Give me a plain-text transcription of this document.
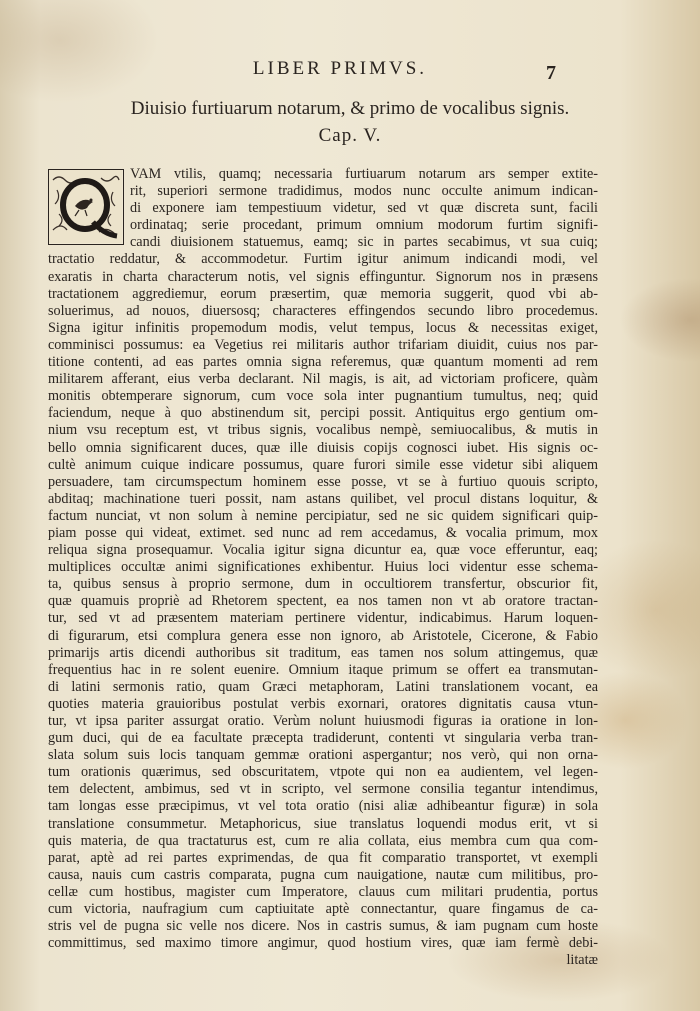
LIBER PRIMVS.	7
Diuisio furtiuarum notarum, & primo de vocalibus signis.
Cap. V.
VAM vtilis, quamq; necessaria furtiuarum notarum ars semper extite-
rit, superiori sermone tradidimus, modos nunc occulte animum indican-
di exponere iam tempestiuum videtur, sed vt quæ discreta sunt, facili
ordinataq; serie procedant, primum omnium modorum furtim signifi-
candi diuisionem statuemus, eamq; sic in partes secabimus, vt sua cuiq;
tractatio reddatur, & accommodetur. Furtim igitur animum indicandi modi, vel
exaratis in charta characterum notis, vel signis effinguntur. Signorum nos in præsens
tractationem aggrediemur, eorum præsertim, quæ memoria suggerit, quod vbi ab-
soluerimus, ad nouos, diuersosq; characteres effingendos secundo libro procedemus.
Signa igitur infinitis propemodum modis, velut tempus, locus & necessitas exiget,
comminisci possumus: ea Vegetius rei militaris author trifariam diuidit, cuius nos par-
titione contenti, ad eas partes omnia signa referemus, quæ quantum momenti ad rem
militarem afferant, eius verba declarant. Nil magis, is ait, ad victoriam proficere, quàm
monitis obtemperare signorum, cum voce sola inter pugnantium tumultus, neq; quid
faciendum, neque à quo abstinendum sit, percipi possit. Antiquitus ergo gentium om-
nium vsu receptum est, vt tribus signis, vocalibus nempè, semiuocalibus, & mutis in
bello omnia significarent duces, quæ ille diuisis copijs cognosci iubet. His signis oc-
cultè animum cuique indicare possumus, quare furori simile esse videtur sibi aliquem
persuadere, tam circumspectum hominem esse posse, vt se à furtiuo quouis scripto,
abditaq; machinatione tueri possit, nam astans quilibet, vel procul distans loquitur, &
factum nunciat, vt non solum à nemine percipiatur, sed ne sic quidem significari quip-
piam posse qui videat, extimet. sed nunc ad rem accedamus, & vocalia primum, mox
reliqua signa prosequamur. Vocalia igitur signa dicuntur ea, quæ voce efferuntur, eaq;
multiplices occultæ animi significationes exhibentur. Huius loci videntur esse schema-
ta, quibus sensus à proprio sermone, dum in occultiorem transfertur, obscurior fit,
quæ quamuis propriè ad Rhetorem spectent, ea nos tamen non vt ab oratore tractan-
tur, sed vt ad præsentem materiam pertinere videntur, indicabimus. Harum loquen-
di figurarum, etsi complura genera esse non ignoro, ab Aristotele, Cicerone, & Fabio
primarijs artis dicendi authoribus sit traditum, eas tamen nos solum attingemus, quæ
frequentius hac in re solent euenire. Omnium itaque primum se offert ea transmutan-
di latini sermonis ratio, quam Græci metaphoram, Latini translationem vocant, ea
quoties materia grauioribus postulat verbis exornari, oratores dignitatis causa vtun-
tur, vt ipsa pariter assurgat oratio. Verùm nolunt huiusmodi figuras ia oratione in lon-
gum duci, qui de ea facultate præcepta tradiderunt, contenti vt singularia verba tran-
slata solum suis locis tanquam gemmæ orationi aspergantur; nos verò, qui non orna-
tum orationis quærimus, sed obscuritatem, vtpote qui non ea audientem, vel legen-
tem delectent, ambimus, sed vt in scripto, vel sermone consilia tegantur intendimus,
tam longas esse præcipimus, vt vel tota oratio (nisi aliæ adhibeantur figuræ) in sola
translatione consummetur. Metaphoricus, siue translatus loquendi modus erit, vt si
quis materia, de qua tractaturus est, cum re alia collata, eius membra cum qua com-
parat, aptè ad rei partes exprimendas, de qua fit comparatio transportet, vt exempli
causa, nauis cum castris comparata, pugna cum nauigatione, nautæ cum militibus, pro-
cellæ cum hostibus, magister cum Imperatore, clauus cum militari prudentia, portus
cum victoria, naufragium cum captiuitate aptè connectantur, quare fingamus de ca-
stris vel de pugna sic velle nos dicere. Nos in castris sumus, & iam pugnam cum hoste
committimus, sed maximo timore angimur, quod hostium vires, quæ iam fermè debi-
litatæ
